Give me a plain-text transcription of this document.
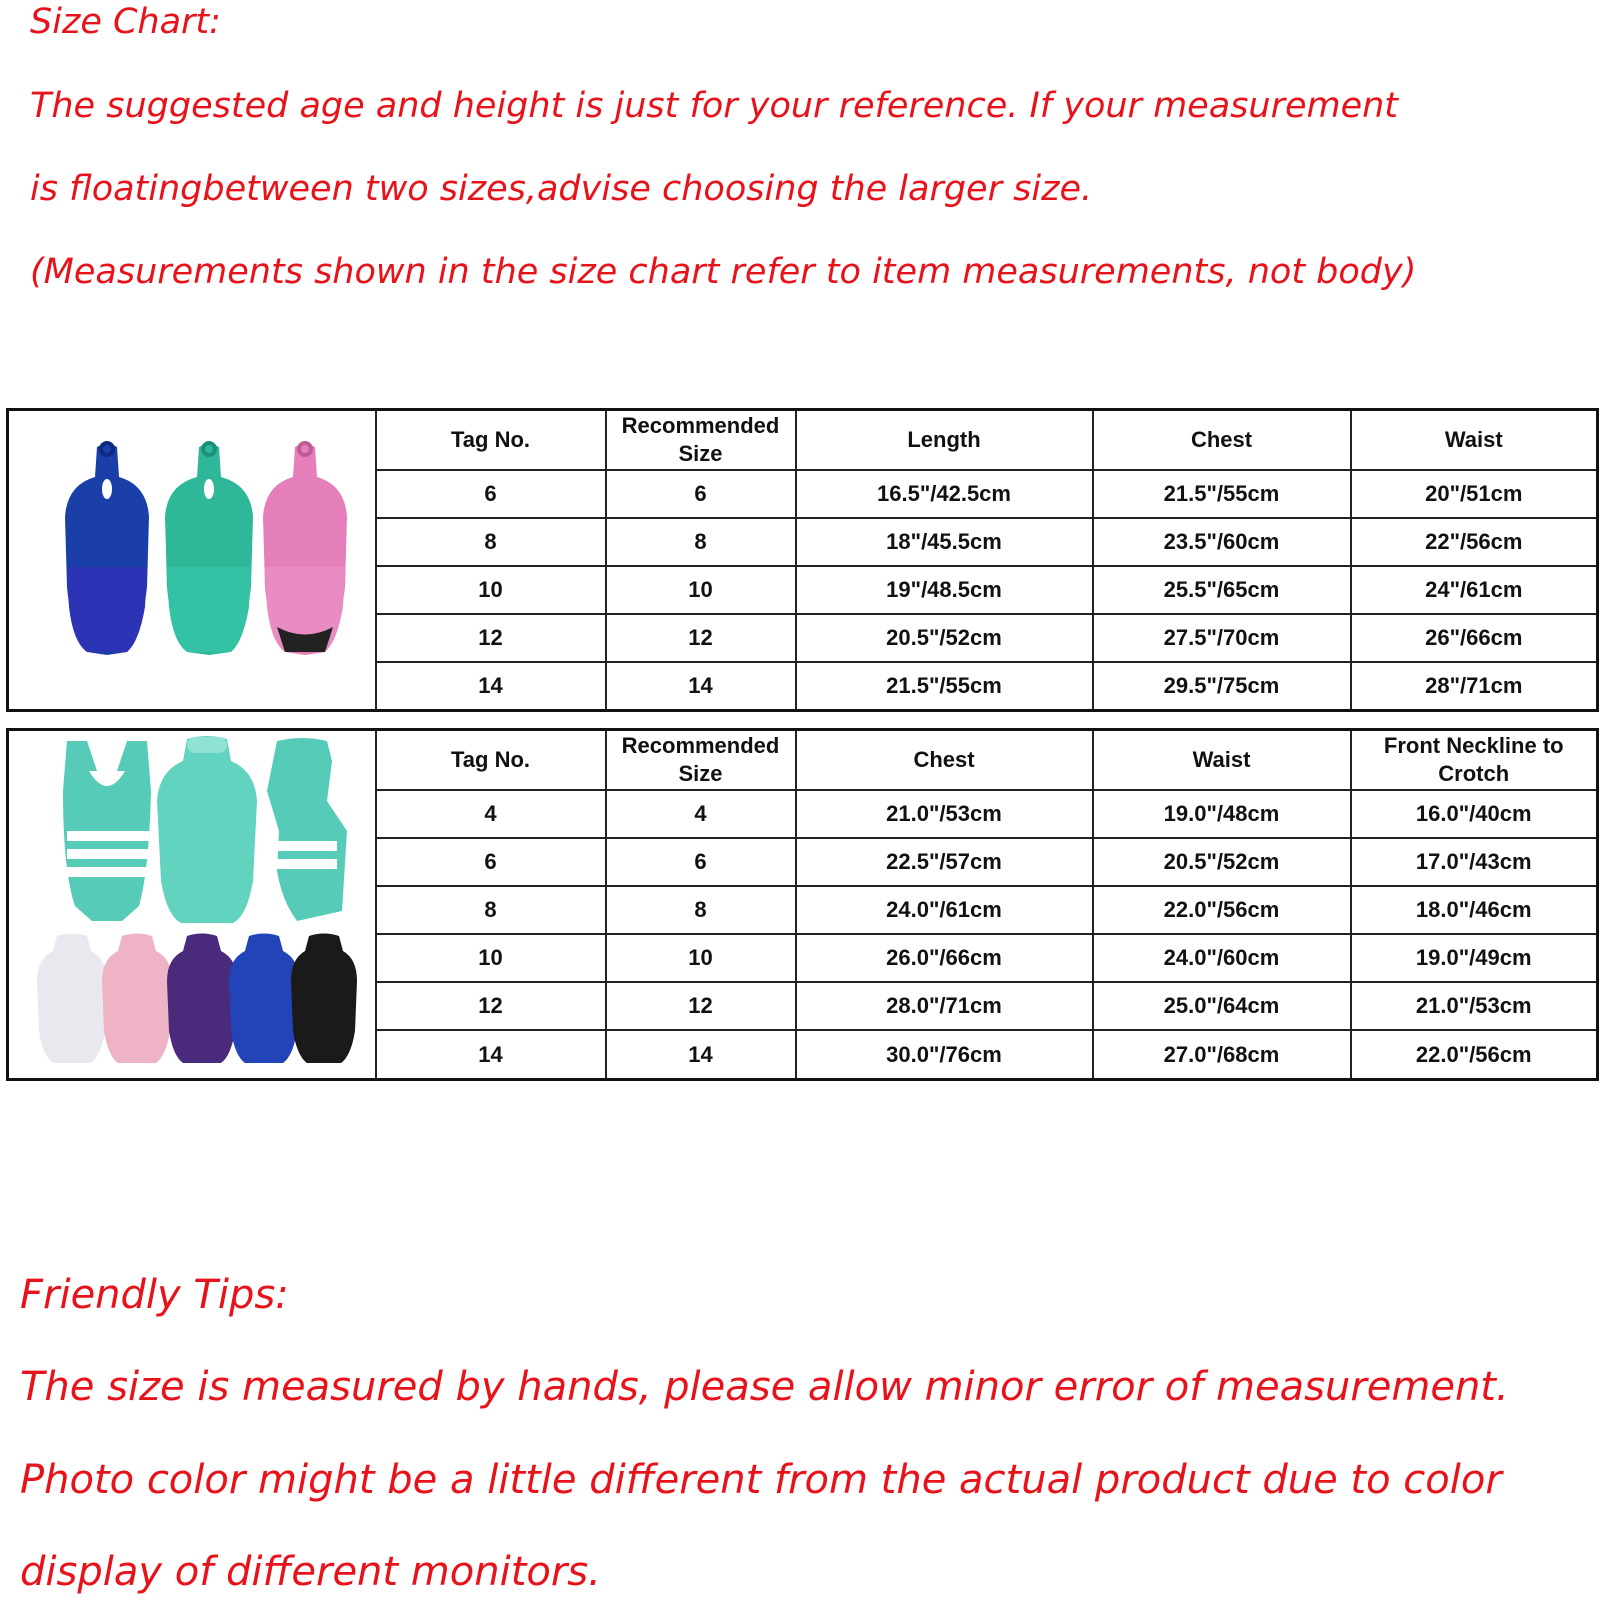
Size Chart:

The suggested age and height is just for your reference. If your measurement

is floatingbetween two sizes,advise choosing the larger size.

(Measurements shown in the size chart refer to item measurements, not body)

	Tag No.	Recommended Size	Length	Chest	Waist
	6	6	16.5"/42.5cm	21.5"/55cm	20"/51cm
	8	8	18"/45.5cm	23.5"/60cm	22"/56cm
	10	10	19"/48.5cm	25.5"/65cm	24"/61cm
	12	12	20.5"/52cm	27.5"/70cm	26"/66cm
	14	14	21.5"/55cm	29.5"/75cm	28"/71cm
	Tag No.	Recommended Size	Chest	Waist	Front Neckline to Crotch
	4	4	21.0"/53cm	19.0"/48cm	16.0"/40cm
	6	6	22.5"/57cm	20.5"/52cm	17.0"/43cm
	8	8	24.0"/61cm	22.0"/56cm	18.0"/46cm
	10	10	26.0"/66cm	24.0"/60cm	19.0"/49cm
	12	12	28.0"/71cm	25.0"/64cm	21.0"/53cm
	14	14	30.0"/76cm	27.0"/68cm	22.0"/56cm

Friendly Tips:

The size is measured by hands, please allow minor error of measurement.

Photo color might be a little different from the actual product due to color

display of different monitors.
